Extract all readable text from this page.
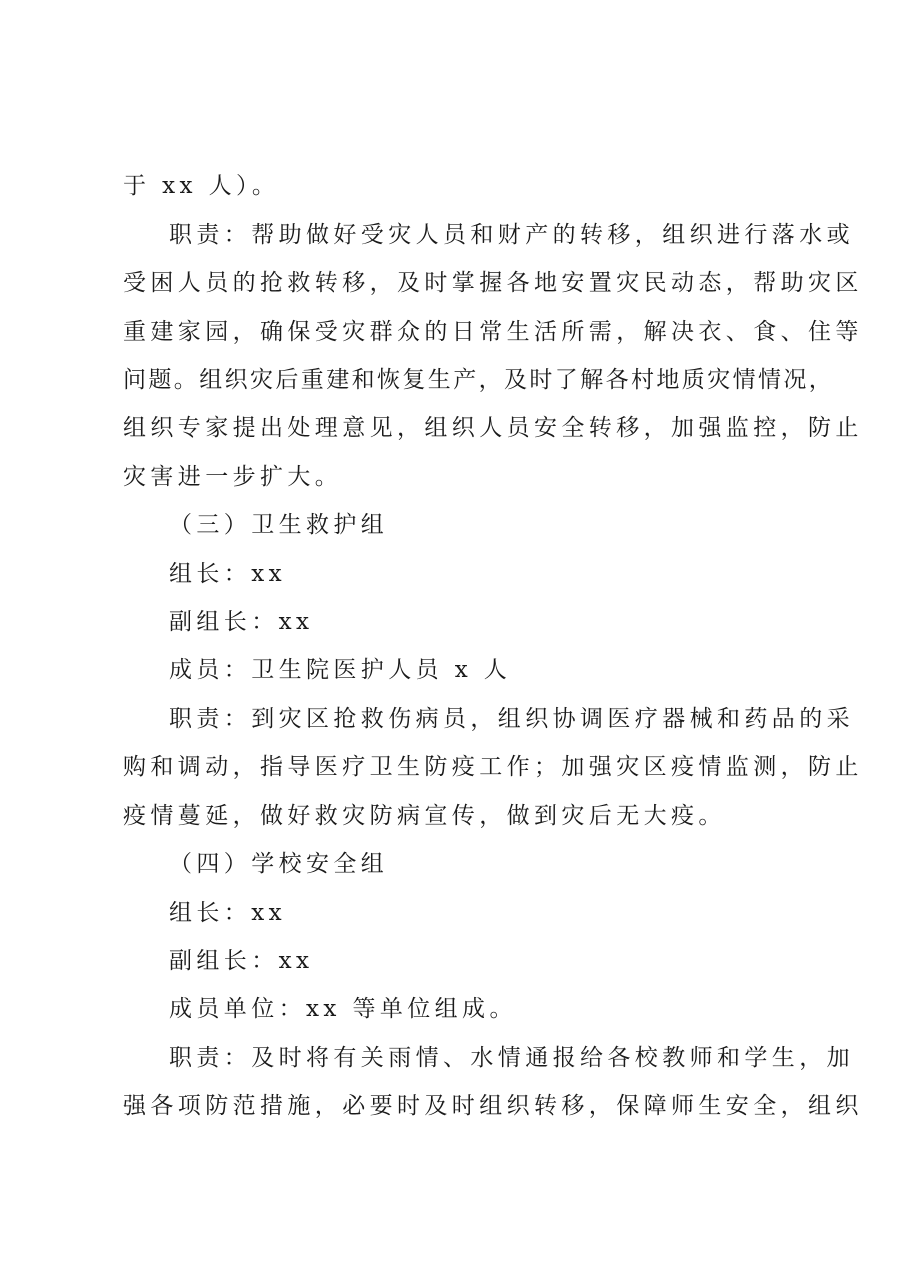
于 xx 人）。
职责：帮助做好受灾人员和财产的转移，组织进行落水或
受困人员的抢救转移，及时掌握各地安置灾民动态，帮助灾区
重建家园，确保受灾群众的日常生活所需，解决衣、食、住等
问题。组织灾后重建和恢复生产，及时了解各村地质灾情情况，
组织专家提出处理意见，组织人员安全转移，加强监控，防止
灾害进一步扩大。
（三）卫生救护组
组长：xx
副组长：xx
成员：卫生院医护人员 x 人
职责：到灾区抢救伤病员，组织协调医疗器械和药品的采
购和调动，指导医疗卫生防疫工作；加强灾区疫情监测，防止
疫情蔓延，做好救灾防病宣传，做到灾后无大疫。
（四）学校安全组
组长：xx
副组长：xx
成员单位：xx 等单位组成。
职责：及时将有关雨情、水情通报给各校教师和学生，加
强各项防范措施，必要时及时组织转移，保障师生安全，组织
